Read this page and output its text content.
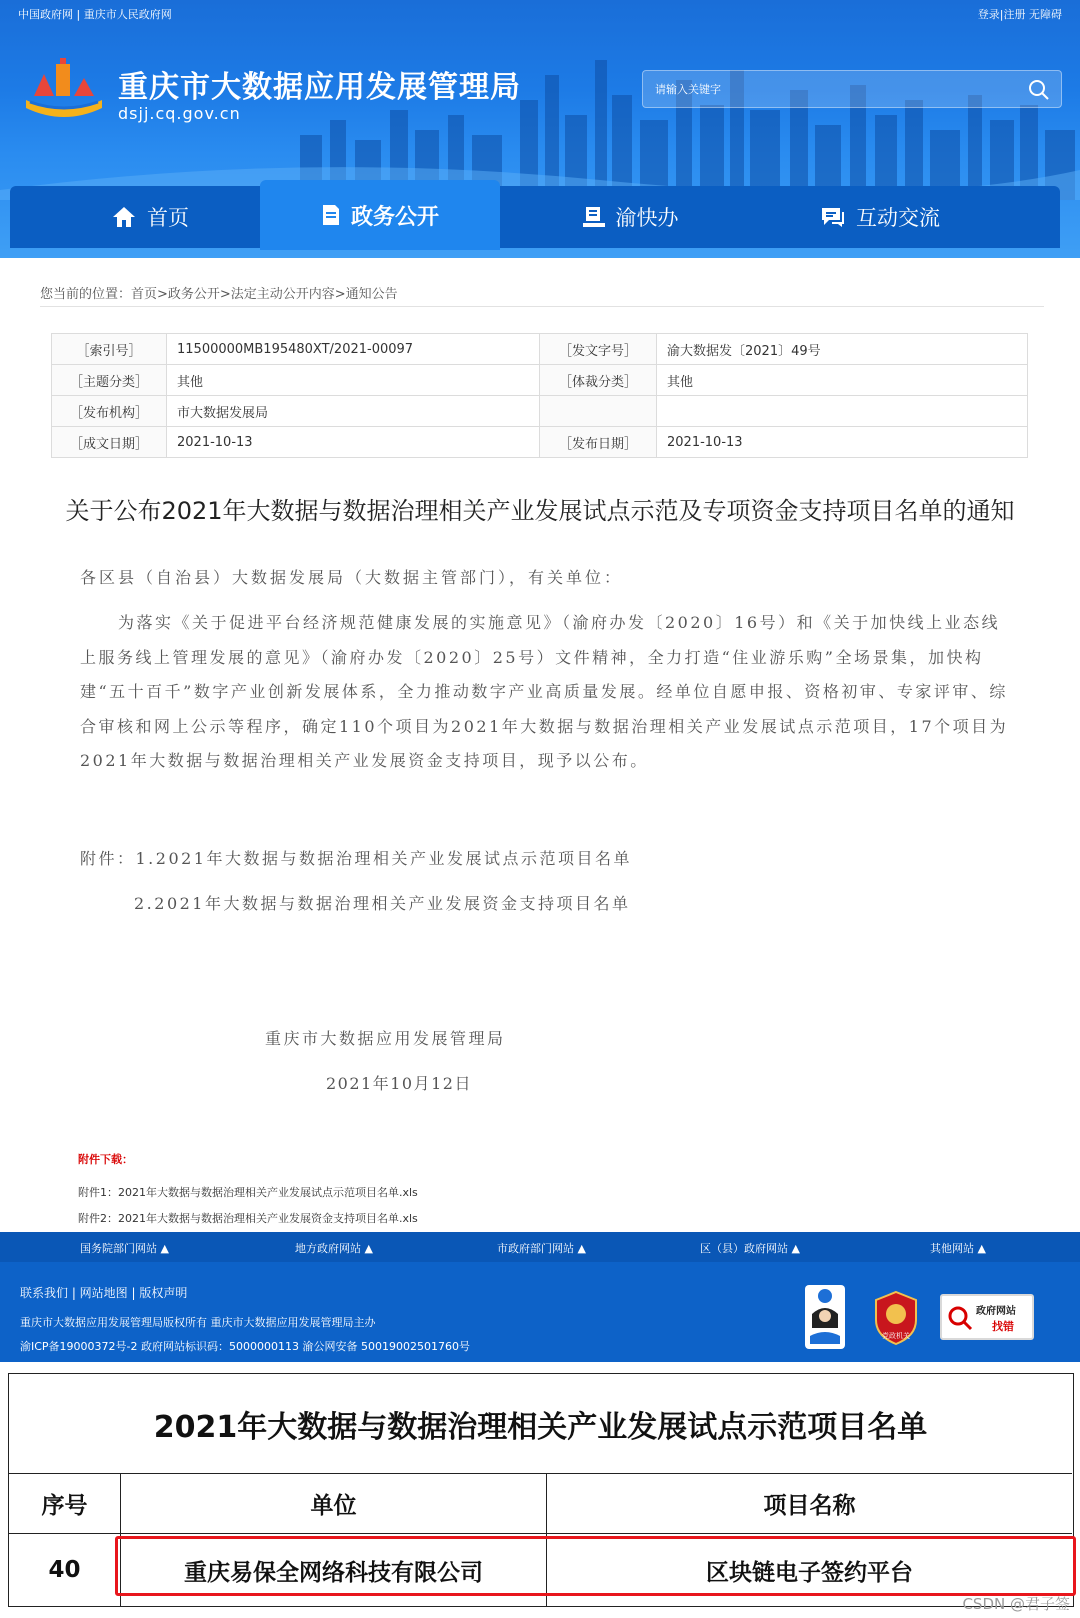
中国政府网 | 重庆市人民政府网	登录|注册 无障碍
重庆市大数据应用发展管理局
dsjj.cq.gov.cn
请输入关键字
首页	政务公开	渝快办	互动交流
您当前的位置：首页>政务公开>法定主动公开内容>通知公告
［索引号］	11500000MB195480XT/2021-00097	［发文字号］	渝大数据发〔2021〕49号
［主题分类］	其他	［体裁分类］	其他
［发布机构］	市大数据发展局		
［成文日期］	2021-10-13	［发布日期］	2021-10-13
关于公布2021年大数据与数据治理相关产业发展试点示范及专项资金支持项目名单的通知
各区县（自治县）大数据发展局（大数据主管部门），有关单位：
为落实《关于促进平台经济规范健康发展的实施意见》（渝府办发〔2020〕16号）和《关于加快线上业态线上服务线上管理发展的意见》（渝府办发〔2020〕25号）文件精神，全力打造“住业游乐购”全场景集，加快构建“五十百千”数字产业创新发展体系，全力推动数字产业高质量发展。经单位自愿申报、资格初审、专家评审、综合审核和网上公示等程序，确定110个项目为2021年大数据与数据治理相关产业发展试点示范项目，17个项目为2021年大数据与数据治理相关产业发展资金支持项目，现予以公布。
附件：1.2021年大数据与数据治理相关产业发展试点示范项目名单
2.2021年大数据与数据治理相关产业发展资金支持项目名单
重庆市大数据应用发展管理局
2021年10月12日
附件下载：
附件1：2021年大数据与数据治理相关产业发展试点示范项目名单.xls
附件2：2021年大数据与数据治理相关产业发展资金支持项目名单.xls
国务院部门网站 ▲	地方政府网站 ▲	市政府部门网站 ▲	区（县）政府网站 ▲	其他网站 ▲
联系我们 | 网站地图 | 版权声明
重庆市大数据应用发展管理局版权所有 重庆市大数据应用发展管理局主办
渝ICP备19000372号-2 政府网站标识码：5000000113 渝公网安备 50019002501760号
党政机关
政府网站
找错
2021年大数据与数据治理相关产业发展试点示范项目名单
序号	单位	项目名称
40	重庆易保全网络科技有限公司	区块链电子签约平台
CSDN @君子签
